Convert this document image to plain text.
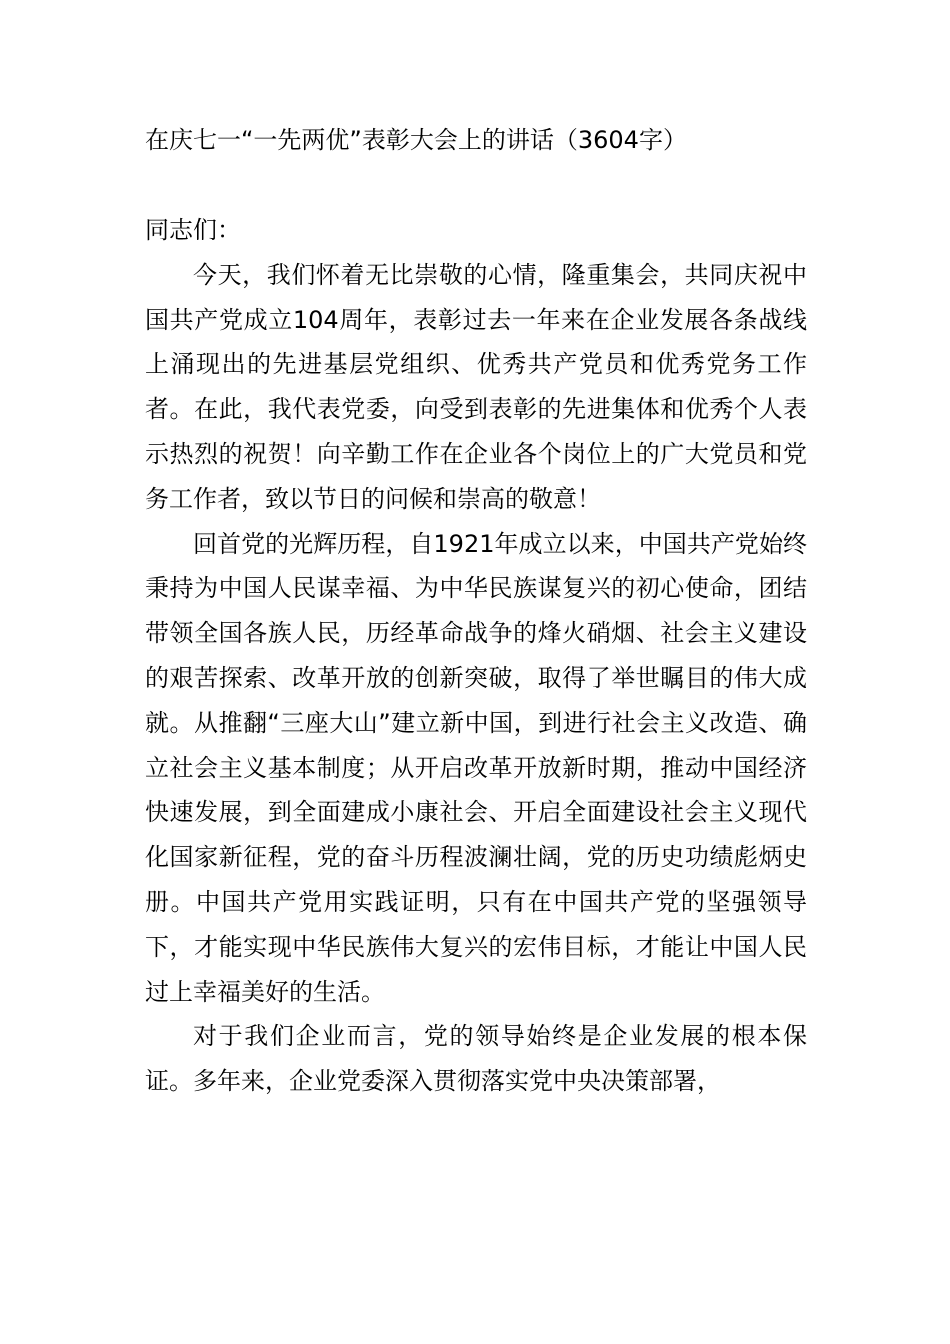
在庆七一“一先两优”表彰大会上的讲话（3604字）

同志们：

今天，我们怀着无比崇敬的心情，隆重集会，共同庆祝中国共产党成立104周年，表彰过去一年来在企业发展各条战线上涌现出的先进基层党组织、优秀共产党员和优秀党务工作者。在此，我代表党委，向受到表彰的先进集体和优秀个人表示热烈的祝贺！向辛勤工作在企业各个岗位上的广大党员和党务工作者，致以节日的问候和崇高的敬意！

回首党的光辉历程，自1921年成立以来，中国共产党始终秉持为中国人民谋幸福、为中华民族谋复兴的初心使命，团结带领全国各族人民，历经革命战争的烽火硝烟、社会主义建设的艰苦探索、改革开放的创新突破，取得了举世瞩目的伟大成就。从推翻“三座大山”建立新中国，到进行社会主义改造、确立社会主义基本制度；从开启改革开放新时期，推动中国经济快速发展，到全面建成小康社会、开启全面建设社会主义现代化国家新征程，党的奋斗历程波澜壮阔，党的历史功绩彪炳史册。中国共产党用实践证明，只有在中国共产党的坚强领导下，才能实现中华民族伟大复兴的宏伟目标，才能让中国人民过上幸福美好的生活。

对于我们企业而言，党的领导始终是企业发展的根本保证。多年来，企业党委深入贯彻落实党中央决策部署，
